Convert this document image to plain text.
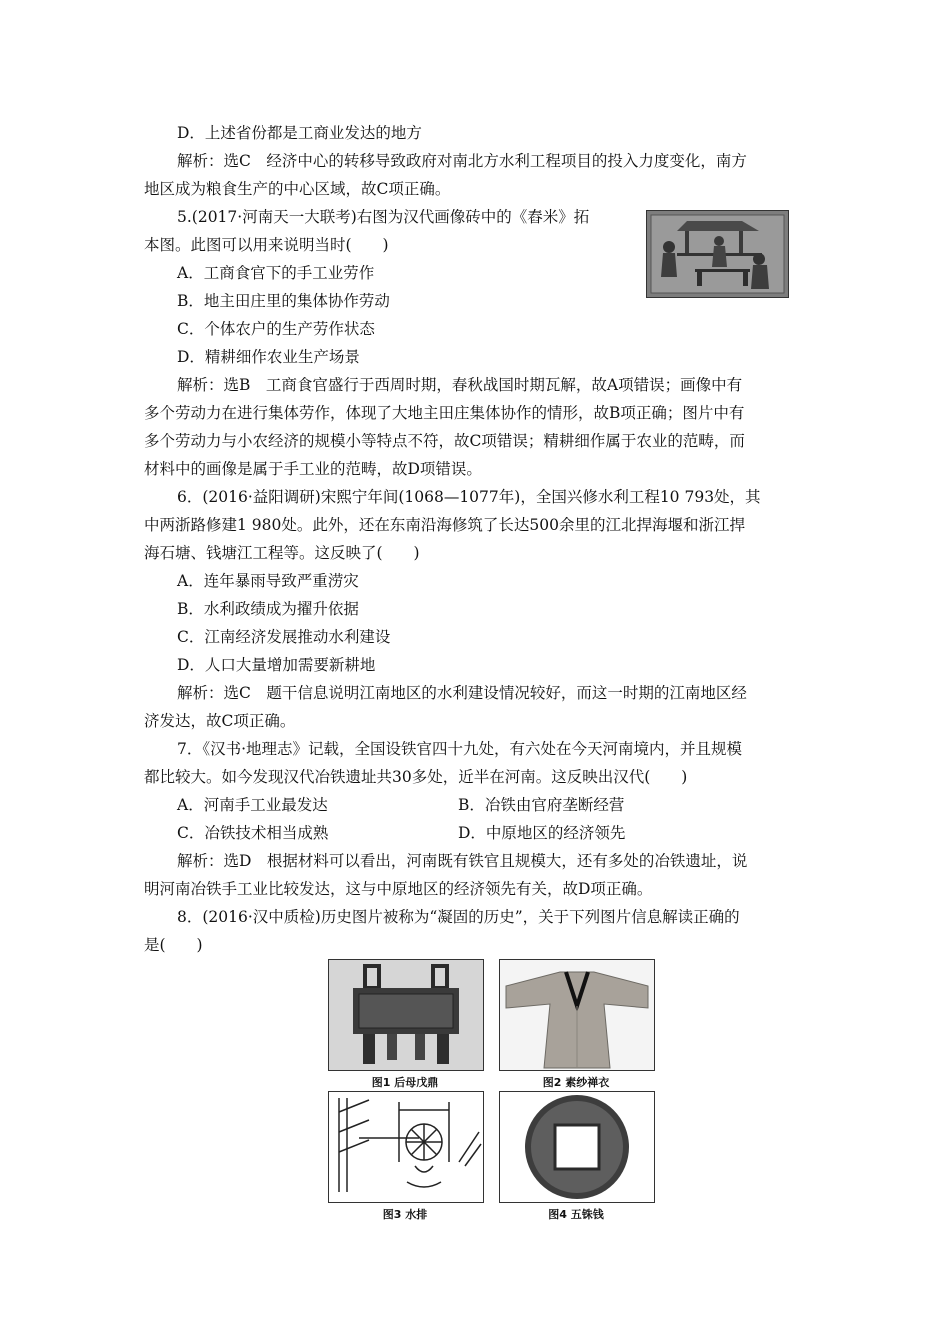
D．上述省份都是工商业发达的地方
解析：选C　经济中心的转移导致政府对南北方水利工程项目的投入力度变化，南方
地区成为粮食生产的中心区域，故C项正确。
5.(2017·河南天一大联考)右图为汉代画像砖中的《舂米》拓
本图。此图可以用来说明当时(　　)
A．工商食官下的手工业劳作
B．地主田庄里的集体协作劳动
C．个体农户的生产劳作状态
D．精耕细作农业生产场景
解析：选B　工商食官盛行于西周时期，春秋战国时期瓦解，故A项错误；画像中有
多个劳动力在进行集体劳作，体现了大地主田庄集体协作的情形，故B项正确；图片中有
多个劳动力与小农经济的规模小等特点不符，故C项错误；精耕细作属于农业的范畴，而
材料中的画像是属于手工业的范畴，故D项错误。
6．(2016·益阳调研)宋熙宁年间(1068—1077年)，全国兴修水利工程10 793处，其
中两浙路修建1 980处。此外，还在东南沿海修筑了长达500余里的江北捍海堰和浙江捍
海石塘、钱塘江工程等。这反映了(　　)
A．连年暴雨导致严重涝灾
B．水利政绩成为擢升依据
C．江南经济发展推动水利建设
D．人口大量增加需要新耕地
解析：选C　题干信息说明江南地区的水利建设情况较好，而这一时期的江南地区经
济发达，故C项正确。
7．《汉书·地理志》记载，全国设铁官四十九处，有六处在今天河南境内，并且规模
都比较大。如今发现汉代冶铁遗址共30多处，近半在河南。这反映出汉代(　　)
A．河南手工业最发达	B．冶铁由官府垄断经营
C．冶铁技术相当成熟	D．中原地区的经济领先
解析：选D　根据材料可以看出，河南既有铁官且规模大，还有多处的冶铁遗址，说
明河南冶铁手工业比较发达，这与中原地区的经济领先有关，故D项正确。
8．(2016·汉中质检)历史图片被称为“凝固的历史”，关于下列图片信息解读正确的
是(　　)
图1 后母戊鼎	图2 素纱禅衣
图3 水排	图4 五铢钱
